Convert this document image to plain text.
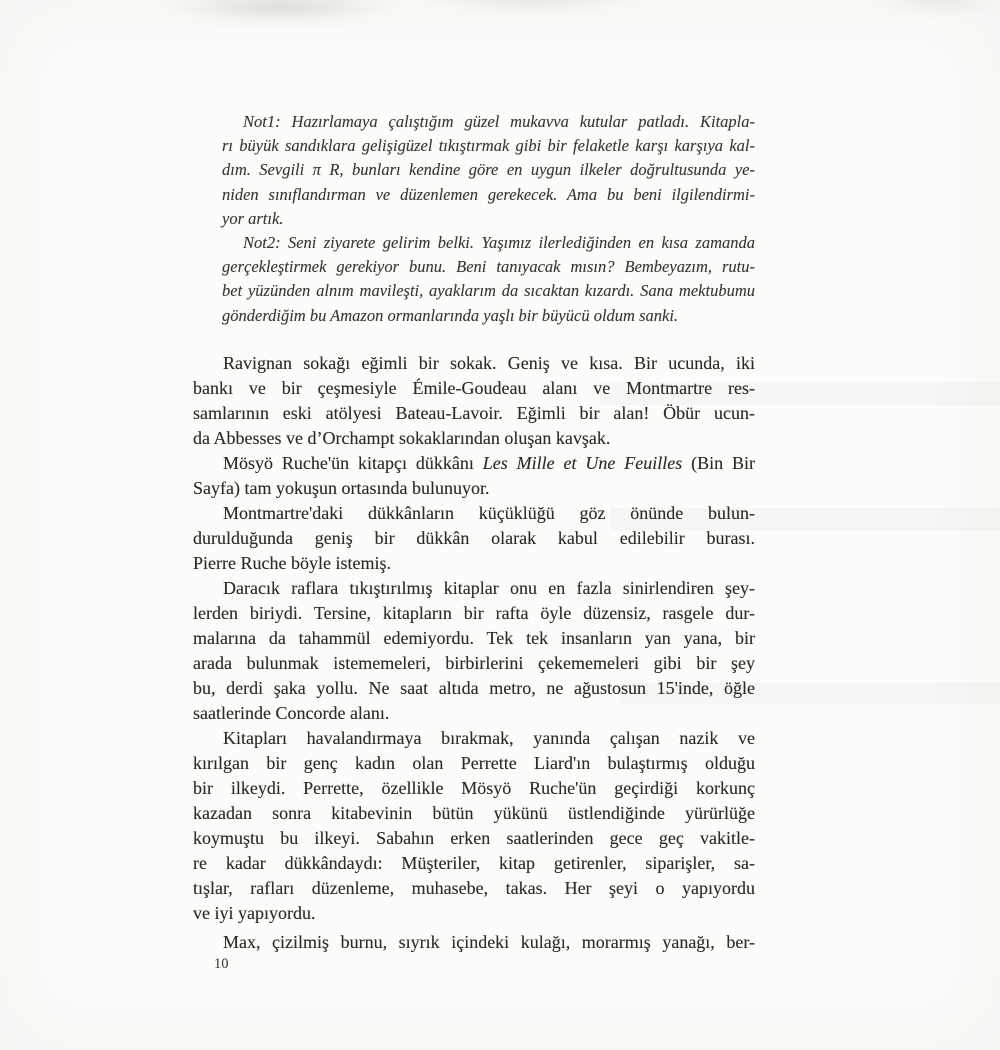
Not1: Hazırlamaya çalıştığım güzel mukavva kutular patladı. Kitapla-
rı büyük sandıklara gelişigüzel tıkıştırmak gibi bir felaketle karşı karşıya kal-
dım. Sevgili π R, bunları kendine göre en uygun ilkeler doğrultusunda ye-
niden sınıflandırman ve düzenlemen gerekecek. Ama bu beni ilgilendirmi-
yor artık.
Not2: Seni ziyarete gelirim belki. Yaşımız ilerlediğinden en kısa zamanda
gerçekleştirmek gerekiyor bunu. Beni tanıyacak mısın? Bembeyazım, rutu-
bet yüzünden alnım mavileşti, ayaklarım da sıcaktan kızardı. Sana mektubumu
gönderdiğim bu Amazon ormanlarında yaşlı bir büyücü oldum sanki.
Ravignan sokağı eğimli bir sokak. Geniş ve kısa. Bir ucunda, iki
bankı ve bir çeşmesiyle Émile-Goudeau alanı ve Montmartre res-
samlarının eski atölyesi Bateau-Lavoir. Eğimli bir alan! Öbür ucun-
da Abbesses ve d’Orchampt sokaklarından oluşan kavşak.
Mösyö Ruche'ün kitapçı dükkânı Les Mille et Une Feuilles (Bin Bir
Sayfa) tam yokuşun ortasında bulunuyor.
Montmartre'daki dükkânların küçüklüğü göz önünde bulun-
durulduğunda geniş bir dükkân olarak kabul edilebilir burası.
Pierre Ruche böyle istemiş.
Daracık raflara tıkıştırılmış kitaplar onu en fazla sinirlendiren şey-
lerden biriydi. Tersine, kitapların bir rafta öyle düzensiz, rasgele dur-
malarına da tahammül edemiyordu. Tek tek insanların yan yana, bir
arada bulunmak istememeleri, birbirlerini çekememeleri gibi bir şey
bu, derdi şaka yollu. Ne saat altıda metro, ne ağustosun 15'inde, öğle
saatlerinde Concorde alanı.
Kitapları havalandırmaya bırakmak, yanında çalışan nazik ve
kırılgan bir genç kadın olan Perrette Liard'ın bulaştırmış olduğu
bir ilkeydi. Perrette, özellikle Mösyö Ruche'ün geçirdiği korkunç
kazadan sonra kitabevinin bütün yükünü üstlendiğinde yürürlüğe
koymuştu bu ilkeyi. Sabahın erken saatlerinden gece geç vakitle-
re kadar dükkândaydı: Müşteriler, kitap getirenler, siparişler, sa-
tışlar, rafları düzenleme, muhasebe, takas. Her şeyi o yapıyordu
ve iyi yapıyordu.
Max, çizilmiş burnu, sıyrık içindeki kulağı, morarmış yanağı, ber-
10
